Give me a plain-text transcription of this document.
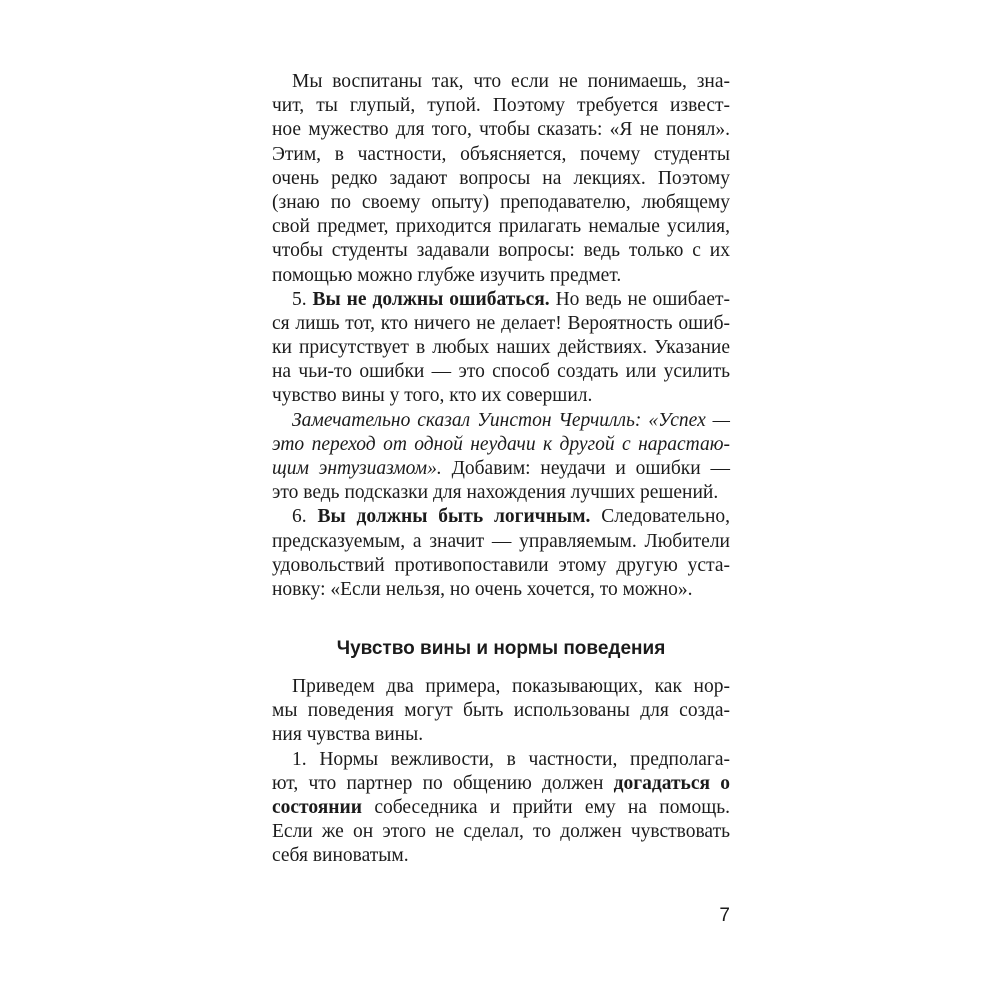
Мы воспитаны так, что если не понимаешь, зна-
чит, ты глупый, тупой. Поэтому требуется извест-
ное мужество для того, чтобы сказать: «Я не понял».
Этим, в частности, объясняется, почему студенты
очень редко задают вопросы на лекциях. Поэтому
(знаю по своему опыту) преподавателю, любящему
свой предмет, приходится прилагать немалые усилия,
чтобы студенты задавали вопросы: ведь только с их
помощью можно глубже изучить предмет.
5. Вы не должны ошибаться. Но ведь не ошибает-
ся лишь тот, кто ничего не делает! Вероятность ошиб-
ки присутствует в любых наших действиях. Указание
на чьи-то ошибки — это способ создать или усилить
чувство вины у того, кто их совершил.
Замечательно сказал Уинстон Черчилль: «Успех —
это переход от одной неудачи к другой с нарастаю-
щим энтузиазмом». Добавим: неудачи и ошибки —
это ведь подсказки для нахождения лучших решений.
6. Вы должны быть логичным. Следовательно,
предсказуемым, а значит — управляемым. Любители
удовольствий противопоставили этому другую уста-
новку: «Если нельзя, но очень хочется, то можно».
Чувство вины и нормы поведения
Приведем два примера, показывающих, как нор-
мы поведения могут быть использованы для созда-
ния чувства вины.
1. Нормы вежливости, в частности, предполага-
ют, что партнер по общению должен догадаться о
состоянии собеседника и прийти ему на помощь.
Если же он этого не сделал, то должен чувствовать
себя виноватым.
7
